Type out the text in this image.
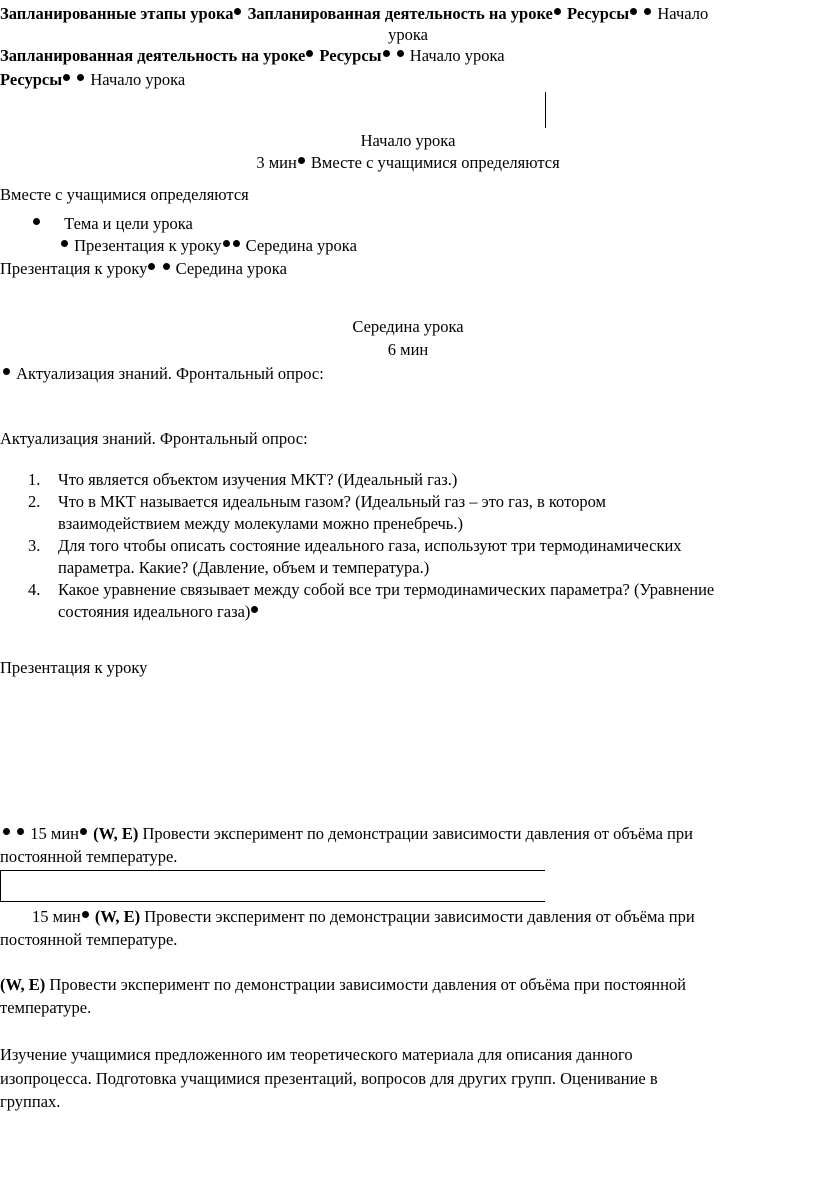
Запланированные этапы урока Запланированная деятельность на уроке Ресурсы Начало
урока
Запланированная деятельность на уроке Ресурсы Начало урока
Ресурсы Начало урока
Начало урока
3 мин Вместе с учащимися определяются
Вместе с учащимися определяются
Тема и цели урока
Презентация к уроку Середина урока
Презентация к уроку Середина урока
Середина урока
6 мин
Актуализация знаний. Фронтальный опрос:
Актуализация знаний. Фронтальный опрос:
1. Что является объектом изучения МКТ? (Идеальный газ.)
2. Что в МКТ называется идеальным газом? (Идеальный газ – это газ, в котором
взаимодействием между молекулами можно пренебречь.)
3. Для того чтобы описать состояние идеального газа, используют три термодинамических
параметра. Какие? (Давление, объем и температура.)
4. Какое уравнение связывает между собой все три термодинамических параметра? (Уравнение
состояния идеального газа)
Презентация к уроку
15 мин (W, E) Провести эксперимент по демонстрации зависимости давления от объёма при
постоянной температуре.
15 мин (W, E) Провести эксперимент по демонстрации зависимости давления от объёма при
постоянной температуре.
(W, E) Провести эксперимент по демонстрации зависимости давления от объёма при постоянной
температуре.
Изучение учащимися предложенного им теоретического материала для описания данного
изопроцесса. Подготовка учащимися презентаций, вопросов для других групп. Оценивание в
группах.
